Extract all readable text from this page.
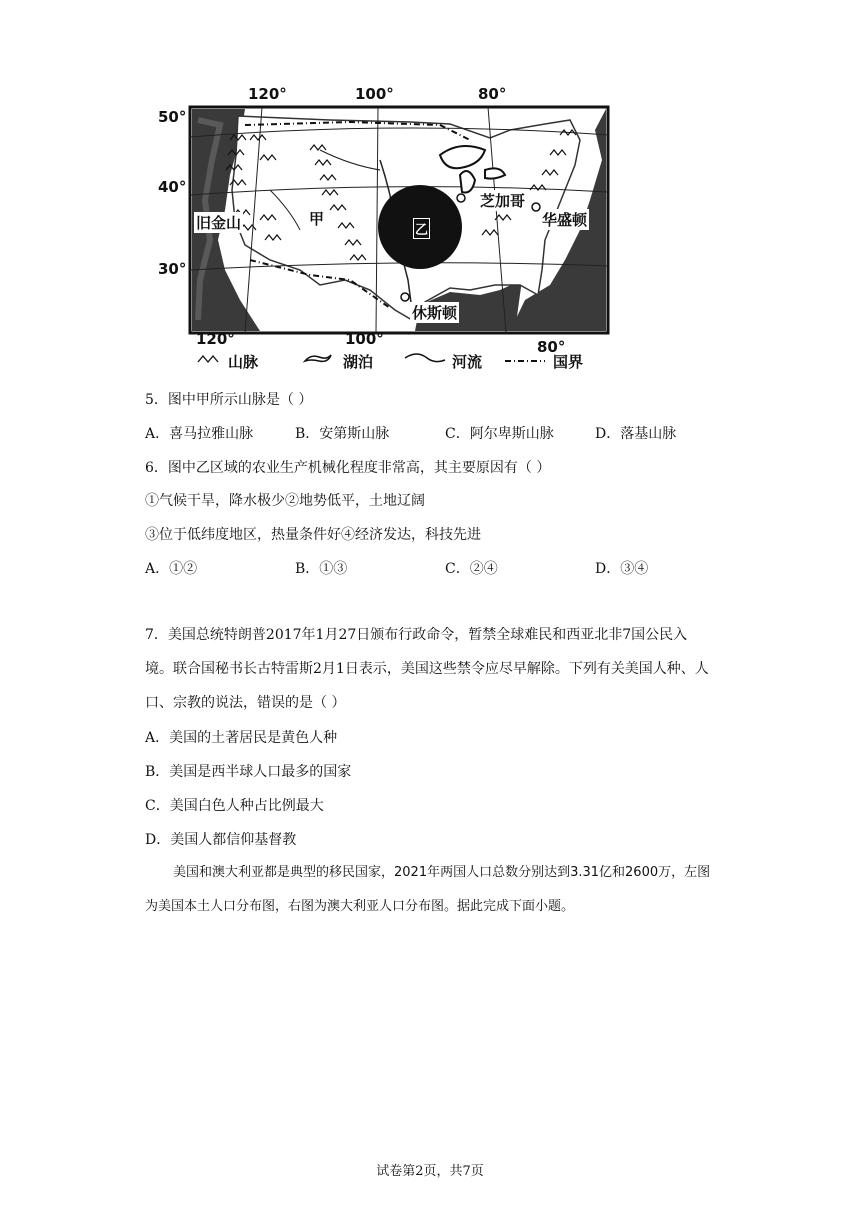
120°	100°	80°
50°
40°
30°
120°	100°	80°
旧金山	甲
乙
芝加哥
华盛顿
休斯顿
山脉	湖泊	河流	国界
5．图中甲所示山脉是（ ）
A．喜马拉雅山脉	B．安第斯山脉	C．阿尔卑斯山脉	D．落基山脉
6．图中乙区域的农业生产机械化程度非常高，其主要原因有（ ）
①气候干旱，降水极少②地势低平，土地辽阔
③位于低纬度地区，热量条件好④经济发达，科技先进
A．①②	B．①③	C．②④	D．③④
7．美国总统特朗普2017年1月27日颁布行政命令，暂禁全球难民和西亚北非7国公民入境。联合国秘书长古特雷斯2月1日表示，美国这些禁令应尽早解除。下列有关美国人种、人口、宗教的说法，错误的是（ ）
A．美国的土著居民是黄色人种
B．美国是西半球人口最多的国家
C．美国白色人种占比例最大
D．美国人都信仰基督教
美国和澳大利亚都是典型的移民国家，2021年两国人口总数分别达到3.31亿和2600万，左图为美国本土人口分布图，右图为澳大利亚人口分布图。据此完成下面小题。
试卷第2页，共7页
